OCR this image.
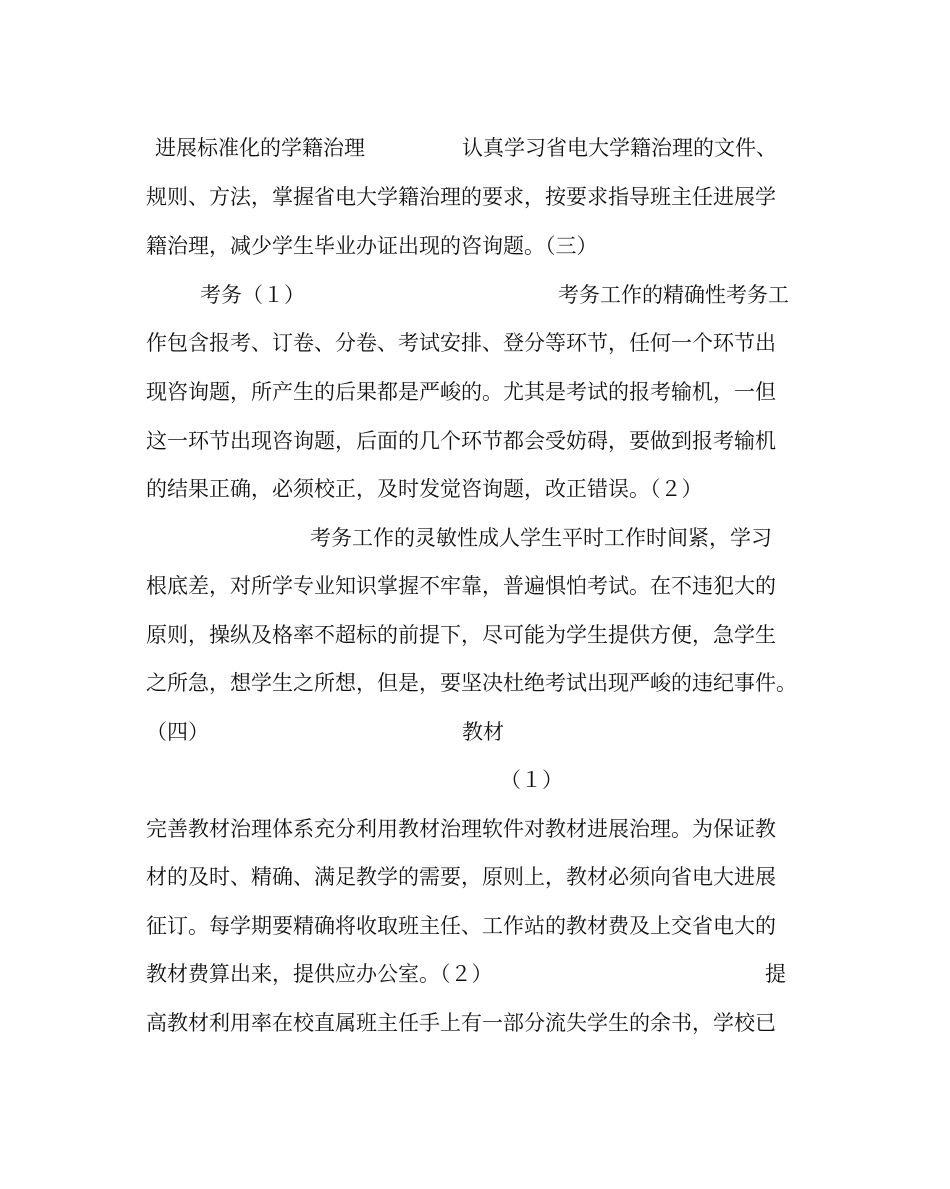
进展标准化的学籍治理	认真学习省电大学籍治理的文件、
规则、方法，掌握省电大学籍治理的要求，按要求指导班主任进展学
籍治理，减少学生毕业办证出现的咨询题。（三）
考务（１）	考务工作的精确性考务工
作包含报考、订卷、分卷、考试安排、登分等环节，任何一个环节出
现咨询题，所产生的后果都是严峻的。尤其是考试的报考输机，一但
这一环节出现咨询题，后面的几个环节都会受妨碍，要做到报考输机
的结果正确，必须校正，及时发觉咨询题，改正错误。（２）
考务工作的灵敏性成人学生平时工作时间紧，学习
根底差，对所学专业知识掌握不牢靠，普遍惧怕考试。在不违犯大的
原则，操纵及格率不超标的前提下，尽可能为学生提供方便，急学生
之所急，想学生之所想，但是，要坚决杜绝考试出现严峻的违纪事件。
（四）	教材
（１）
完善教材治理体系充分利用教材治理软件对教材进展治理。为保证教
材的及时、精确、满足教学的需要，原则上，教材必须向省电大进展
征订。每学期要精确将收取班主任、工作站的教材费及上交省电大的
教材费算出来，提供应办公室。（２）	提
高教材利用率在校直属班主任手上有一部分流失学生的余书，学校已
